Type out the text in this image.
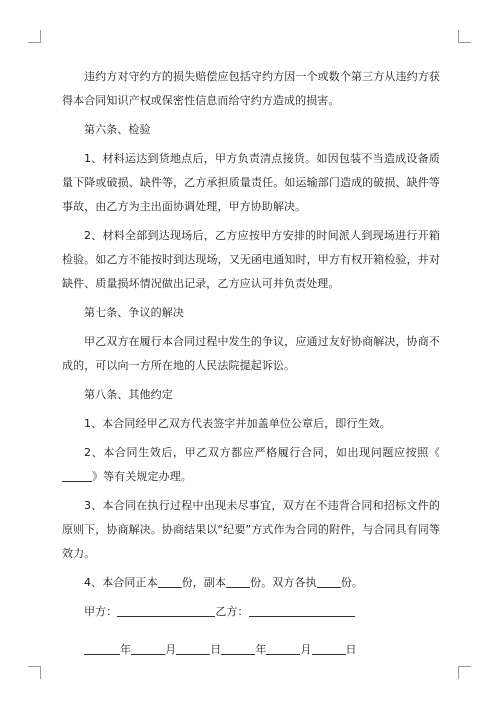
违约方对守约方的损失赔偿应包括守约方因一个或数个第三方从违约方获得本合同知识产权或保密性信息而给守约方造成的损害。

第六条、检验

1、材料运达到货地点后，甲方负责清点接货。如因包装不当造成设备质量下降或破损、缺件等，乙方承担质量责任。如运输部门造成的破损、缺件等事故，由乙方为主出面协调处理，甲方协助解决。

2、材料全部到达现场后，乙方应按甲方安排的时间派人到现场进行开箱检验。如乙方不能按时到达现场，又无函电通知时，甲方有权开箱检验，并对缺件、质量损坏情况做出记录，乙方应认可并负责处理。

第七条、争议的解决

甲乙双方在履行本合同过程中发生的争议，应通过友好协商解决，协商不成的，可以向一方所在地的人民法院提起诉讼。

第八条、其他约定

1、本合同经甲乙双方代表签字并加盖单位公章后，即行生效。

2、本合同生效后，甲乙双方都应严格履行合同，如出现问题应按照《》等有关规定办理。

3、本合同在执行过程中出现未尽事宜，双方在不违背合同和招标文件的原则下，协商解决。协商结果以“纪要”方式作为合同的附件，与合同具有同等效力。

4、本合同正本 份，副本 份。双方各执 份。

甲方：	乙方：

年	月	日	年	月	日
